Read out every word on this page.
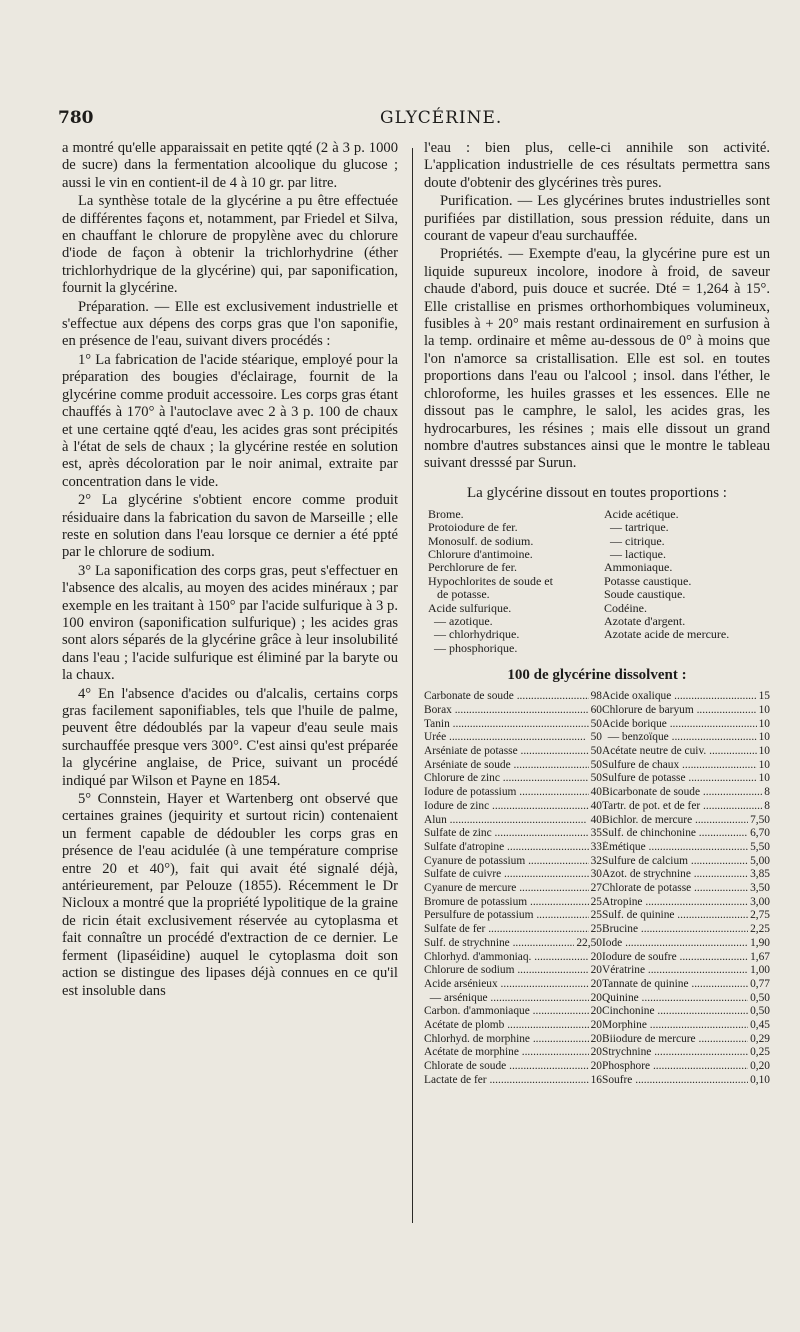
780	GLYCÉRINE.

a montré qu'elle apparaissait en petite qqté (2 à 3 p. 1000 de sucre) dans la fermentation alcoolique du glucose ; aussi le vin en contient-il de 4 à 10 gr. par litre.

La synthèse totale de la glycérine a pu être effectuée de différentes façons et, notamment, par Friedel et Silva, en chauffant le chlorure de propylène avec du chlorure d'iode de façon à obtenir la trichlorhydrine (éther trichlorhydrique de la glycérine) qui, par saponification, fournit la glycérine.

Préparation. — Elle est exclusivement industrielle et s'effectue aux dépens des corps gras que l'on saponifie, en présence de l'eau, suivant divers procédés :

1° La fabrication de l'acide stéarique, employé pour la préparation des bougies d'éclairage, fournit de la glycérine comme produit accessoire. Les corps gras étant chauffés à 170° à l'autoclave avec 2 à 3 p. 100 de chaux et une certaine qqté d'eau, les acides gras sont précipités à l'état de sels de chaux ; la glycérine restée en solution est, après décoloration par le noir animal, extraite par concentration dans le vide.

2° La glycérine s'obtient encore comme produit résiduaire dans la fabrication du savon de Marseille ; elle reste en solution dans l'eau lorsque ce dernier a été ppté par le chlorure de sodium.

3° La saponification des corps gras, peut s'effectuer en l'absence des alcalis, au moyen des acides minéraux ; par exemple en les traitant à 150° par l'acide sulfurique à 3 p. 100 environ (saponification sulfurique) ; les acides gras sont alors séparés de la glycérine grâce à leur insolubilité dans l'eau ; l'acide sulfurique est éliminé par la baryte ou la chaux.

4° En l'absence d'acides ou d'alcalis, certains corps gras facilement saponifiables, tels que l'huile de palme, peuvent être dédoublés par la vapeur d'eau seule mais surchauffée presque vers 300°. C'est ainsi qu'est préparée la glycérine anglaise, de Price, suivant un procédé indiqué par Wilson et Payne en 1854.

5° Connstein, Hayer et Wartenberg ont observé que certaines graines (jequirity et surtout ricin) contenaient un ferment capable de dédoubler les corps gras en présence de l'eau acidulée (à une température comprise entre 20 et 40°), fait qui avait été signalé déjà, antérieurement, par Pelouze (1855). Récemment le Dr Nicloux a montré que la propriété lypolitique de la graine de ricin était exclusivement réservée au cytoplasma et fait connaître un procédé d'extraction de ce dernier. Le ferment (lipaséidine) auquel le cytoplasma doit son action se distingue des lipases déjà connues en ce qu'il est insoluble dans

l'eau : bien plus, celle-ci annihile son activité. L'application industrielle de ces résultats permettra sans doute d'obtenir des glycérines très pures.

Purification. — Les glycérines brutes industrielles sont purifiées par distillation, sous pression réduite, dans un courant de vapeur d'eau surchauffée.

Propriétés. — Exempte d'eau, la glycérine pure est un liquide supureux incolore, inodore à froid, de saveur chaude d'abord, puis douce et sucrée. Dté = 1,264 à 15°. Elle cristallise en prismes orthorhombiques volumineux, fusibles à + 20° mais restant ordinairement en surfusion à la temp. ordinaire et même au-dessous de 0° à moins que l'on n'amorce sa cristallisation. Elle est sol. en toutes proportions dans l'eau ou l'alcool ; insol. dans l'éther, le chloroforme, les huiles grasses et les essences. Elle ne dissout pas le camphre, le salol, les acides gras, les hydrocarbures, les résines ; mais elle dissout un grand nombre d'autres substances ainsi que le montre le tableau suivant dresssé par Surun.

La glycérine dissout en toutes proportions :
Brome.
Protoiodure de fer.
Monosulf. de sodium.
Chlorure d'antimoine.
Perchlorure de fer.
Hypochlorites de soude et
de potasse.
Acide sulfurique.
— azotique.
— chlorhydrique.
— phosphorique.
Acide acétique.
— tartrique.
— citrique.
— lactique.
Ammoniaque.
Potasse caustique.
Soude caustique.
Codéine.
Azotate d'argent.
Azotate acide de mercure.
100 de glycérine dissolvent :
Carbonate de soude .....	98
Borax .....	60
Tanin .....	50
Urée .....	50
Arséniate de potasse .....	50
Arséniate de soude .....	50
Chlorure de zinc .....	50
Iodure de potassium .....	40
Iodure de zinc .....	40
Alun .....	40
Sulfate de zinc .....	35
Sulfate d'atropine .....	33
Cyanure de potassium .....	32
Sulfate de cuivre .....	30
Cyanure de mercure .....	27
Bromure de potassium .....	25
Persulfure de potassium .....	25
Sulfate de fer .....	25
Sulf. de strychnine .....	22,50
Chlorhyd. d'ammoniaq. .....	20
Chlorure de sodium .....	20
Acide arsénieux .....	20
— arsénique .....	20
Carbon. d'ammoniaque .....	20
Acétate de plomb .....	20
Chlorhyd. de morphine .....	20
Acétate de morphine .....	20
Chlorate de soude .....	20
Lactate de fer .....	16
Acide oxalique .....	15
Chlorure de baryum .....	10
Acide borique .....	10
— benzoïque .....	10
Acétate neutre de cuiv. .....	10
Sulfure de chaux .....	10
Sulfure de potasse .....	10
Bicarbonate de soude .....	8
Tartr. de pot. et de fer .....	8
Bichlor. de mercure .....	7,50
Sulf. de chinchonine .....	6,70
Émétique .....	5,50
Sulfure de calcium .....	5,00
Azot. de strychnine .....	3,85
Chlorate de potasse .....	3,50
Atropine .....	3,00
Sulf. de quinine .....	2,75
Brucine .....	2,25
Iode .....	1,90
Iodure de soufre .....	1,67
Vératrine .....	1,00
Tannate de quinine .....	0,77
Quinine .....	0,50
Cinchonine .....	0,50
Morphine .....	0,45
Biiodure de mercure .....	0,29
Strychnine .....	0,25
Phosphore .....	0,20
Soufre .....	0,10
